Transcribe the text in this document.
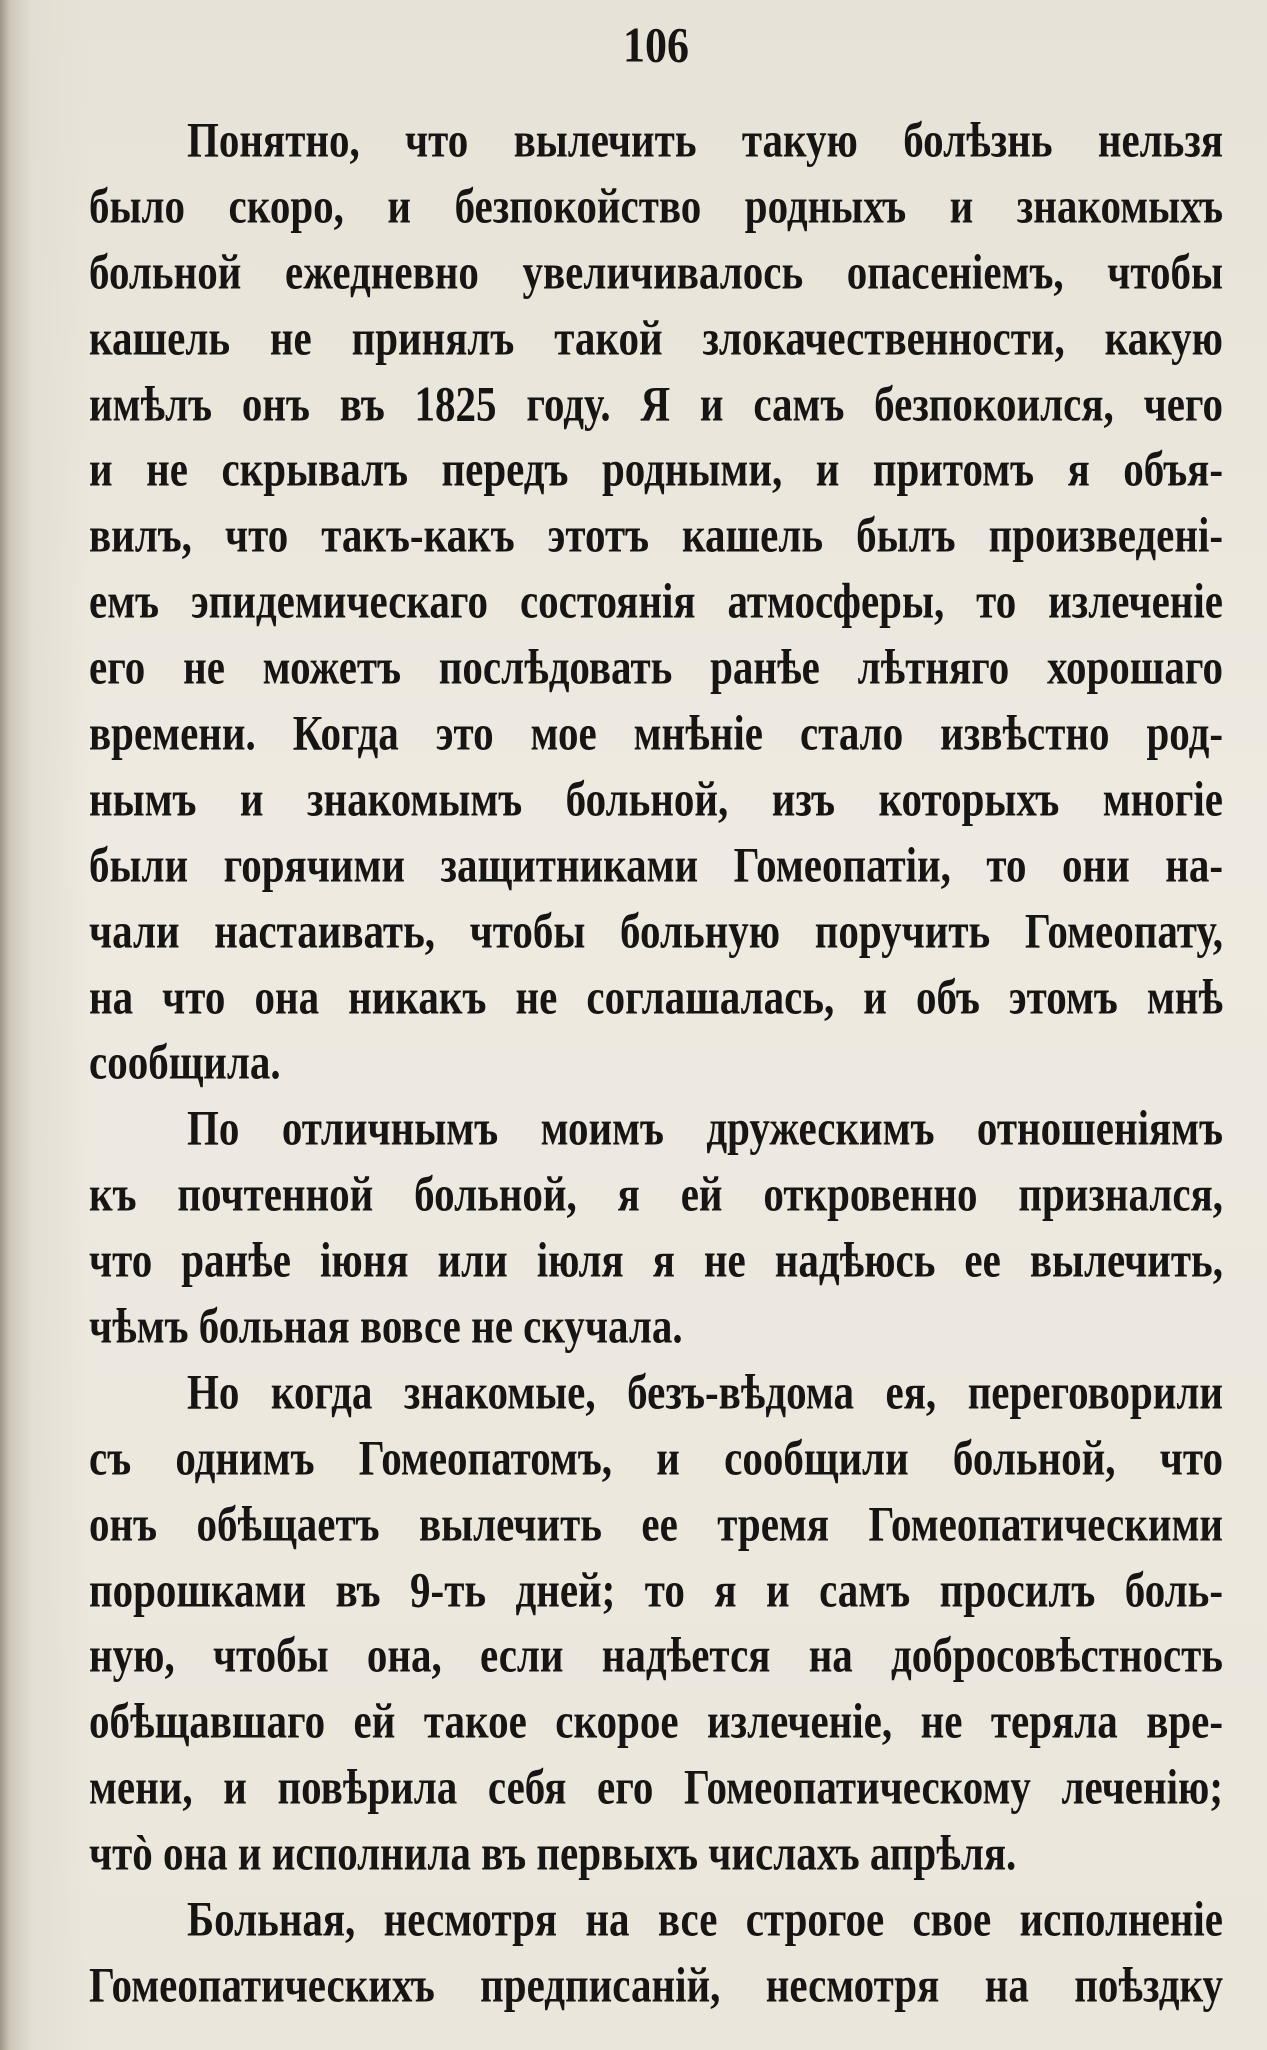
106
Понятно, что вылечить такую болѣзнь нельзя
было скоро, и безпокойство родныхъ и знакомыхъ
больной ежедневно увеличивалось опасеніемъ, чтобы
кашель не принялъ такой злокачественности, какую
имѣлъ онъ въ 1825 году. Я и самъ безпокоился, чего
и не скрывалъ передъ родными, и притомъ я объя-
вилъ, что такъ-какъ этотъ кашель былъ произведені-
емъ эпидемическаго состоянія атмосферы, то излеченіе
его не можетъ послѣдовать ранѣе лѣтняго хорошаго
времени. Когда это мое мнѣніе стало извѣстно род-
нымъ и знакомымъ больной, изъ которыхъ многіе
были горячими защитниками Гомеопатіи, то они на-
чали настаивать, чтобы больную поручить Гомеопату,
на что она никакъ не соглашалась, и объ этомъ мнѣ
сообщила.
По отличнымъ моимъ дружескимъ отношеніямъ
къ почтенной больной, я ей откровенно признался,
что ранѣе іюня или іюля я не надѣюсь ее вылечить,
чѣмъ больная вовсе не скучала.
Но когда знакомые, безъ-вѣдома ея, переговорили
съ однимъ Гомеопатомъ, и сообщили больной, что
онъ обѣщаетъ вылечить ее тремя Гомеопатическими
порошками въ 9-ть дней; то я и самъ просилъ боль-
ную, чтобы она, если надѣется на добросовѣстность
обѣщавшаго ей такое скорое излеченіе, не теряла вре-
мени, и повѣрила себя его Гомеопатическому леченію;
чтò она и исполнила въ первыхъ числахъ апрѣля.
Больная, несмотря на все строгое свое исполненіе
Гомеопатическихъ предписаній, несмотря на поѣздку
